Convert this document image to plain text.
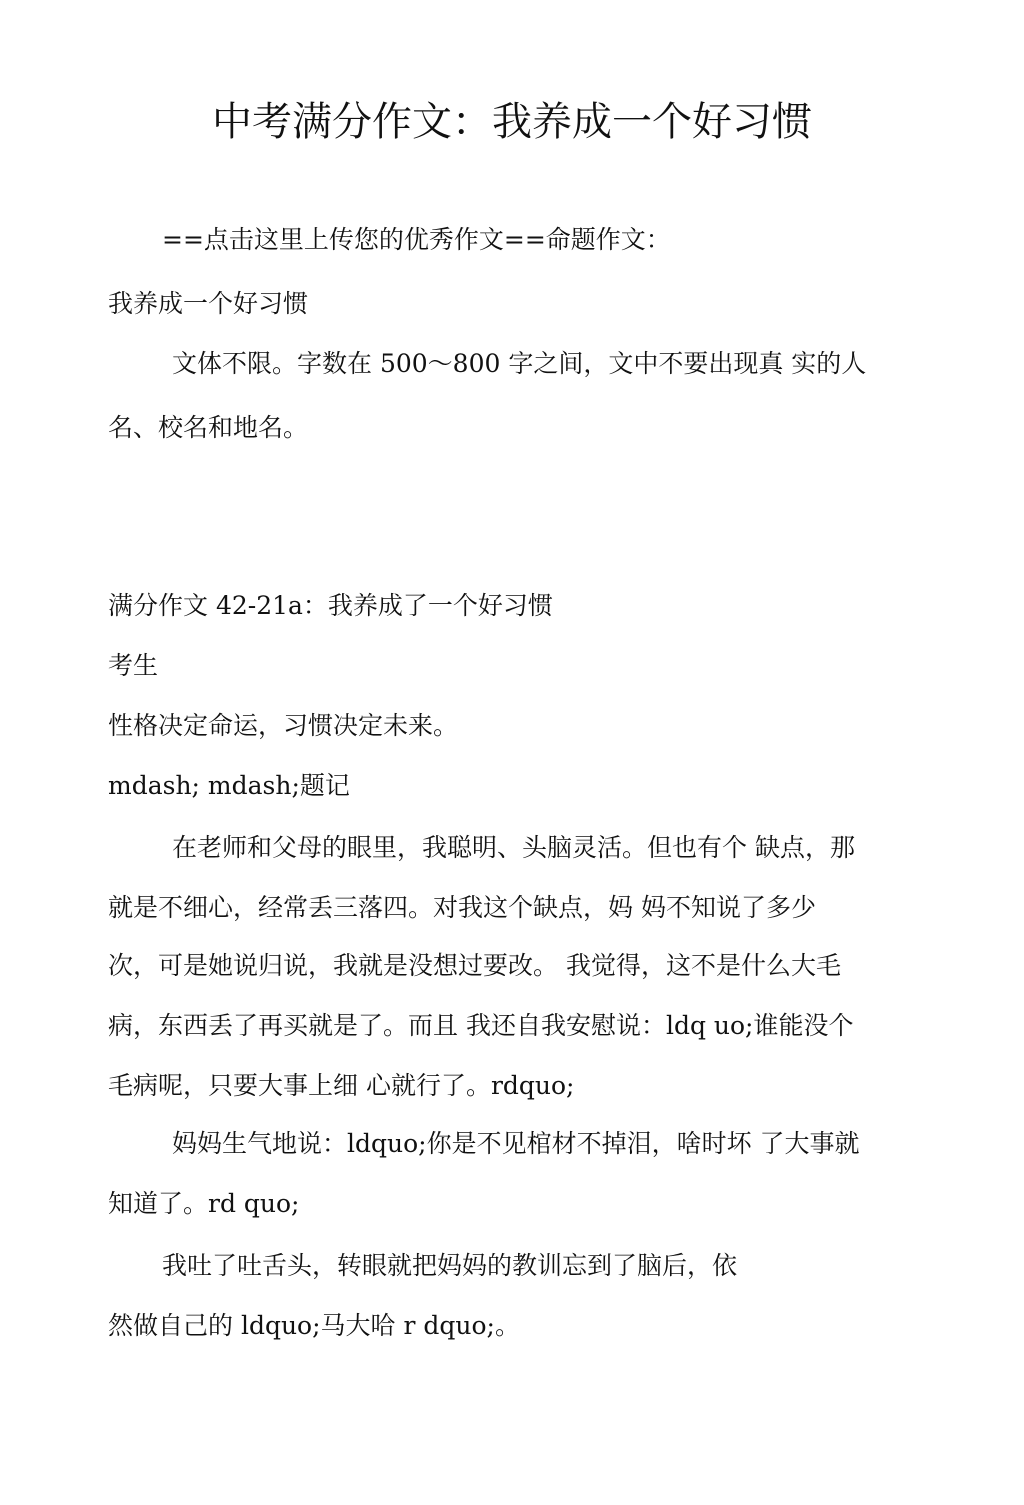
中考满分作文：我养成一个好习惯

==点击这里上传您的优秀作文==命题作文：

我养成一个好习惯

文体不限。字数在 500～800 字之间，文中不要出现真 实的人

名、校名和地名。

满分作文 42-21a：我养成了一个好习惯

考生

性格决定命运，习惯决定未来。

mdash; mdash;题记

在老师和父母的眼里，我聪明、头脑灵活。但也有个 缺点，那

就是不细心，经常丢三落四。对我这个缺点，妈 妈不知说了多少

次，可是她说归说，我就是没想过要改。 我觉得，这不是什么大毛

病，东西丢了再买就是了。而且 我还自我安慰说：ldq uo;谁能没个

毛病呢，只要大事上细 心就行了。rdquo;

妈妈生气地说：ldquo;你是不见棺材不掉泪，啥时坏 了大事就

知道了。rd quo;

我吐了吐舌头，转眼就把妈妈的教训忘到了脑后，依

然做自己的 ldquo;马大哈 r dquo;。
